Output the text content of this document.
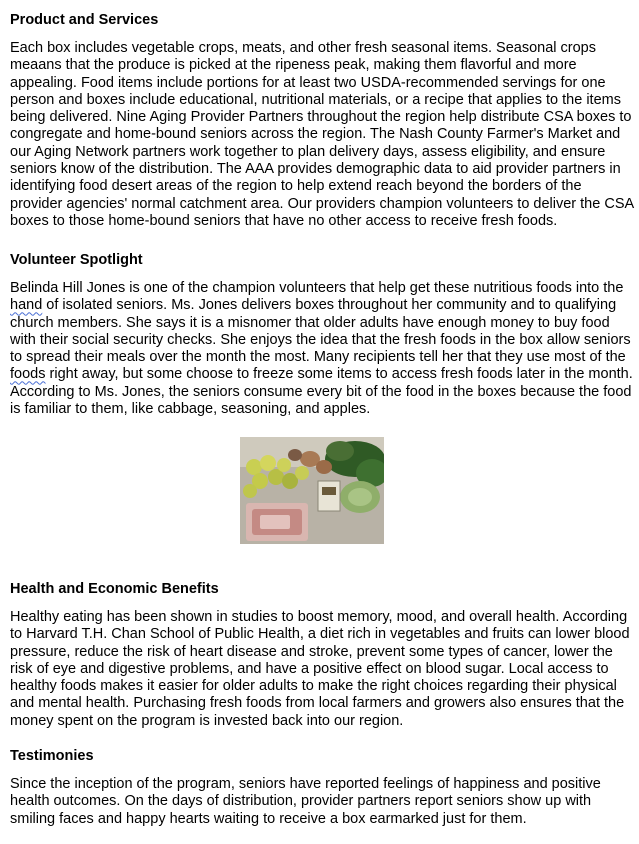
Product and Services

Each box includes vegetable crops, meats, and other fresh seasonal items. Seasonal crops meaans that the produce is picked at the ripeness peak, making them flavorful and more appealing. Food items include portions for at least two USDA-recommended servings for one person and boxes include educational, nutritional materials, or a recipe that applies to the items being delivered. Nine Aging Provider Partners throughout the region help distribute CSA boxes to congregate and home-bound seniors across the region. The Nash County Farmer's Market and our Aging Network partners work together to plan delivery days, assess eligibility, and ensure seniors know of the distribution. The AAA provides demographic data to aid provider partners in identifying food desert areas of the region to help extend reach beyond the borders of the provider agencies' normal catchment area. Our providers champion volunteers to deliver the CSA boxes to those home-bound seniors that have no other access to receive fresh foods.

Volunteer Spotlight

Belinda Hill Jones is one of the champion volunteers that help get these nutritious foods into the hand of isolated seniors. Ms. Jones delivers boxes throughout her community and to qualifying church members. She says it is a misnomer that older adults have enough money to buy food with their social security checks. She enjoys the idea that the fresh foods in the box allow seniors to spread their meals over the month the most. Many recipients tell her that they use most of the foods right away, but some choose to freeze some items to access fresh foods later in the month. According to Ms. Jones, the seniors consume every bit of the food in the boxes because the food is familiar to them, like cabbage, seasoning, and apples.

Health and Economic Benefits

Healthy eating has been shown in studies to boost memory, mood, and overall health. According to Harvard T.H. Chan School of Public Health, a diet rich in vegetables and fruits can lower blood pressure, reduce the risk of heart disease and stroke, prevent some types of cancer, lower the risk of eye and digestive problems, and have a positive effect on blood sugar. Local access to healthy foods makes it easier for older adults to make the right choices regarding their physical and mental health. Purchasing fresh foods from local farmers and growers also ensures that the money spent on the program is invested back into our region.

Testimonies

Since the inception of the program, seniors have reported feelings of happiness and positive health outcomes. On the days of distribution, provider partners report seniors show up with smiling faces and happy hearts waiting to receive a box earmarked just for them.
